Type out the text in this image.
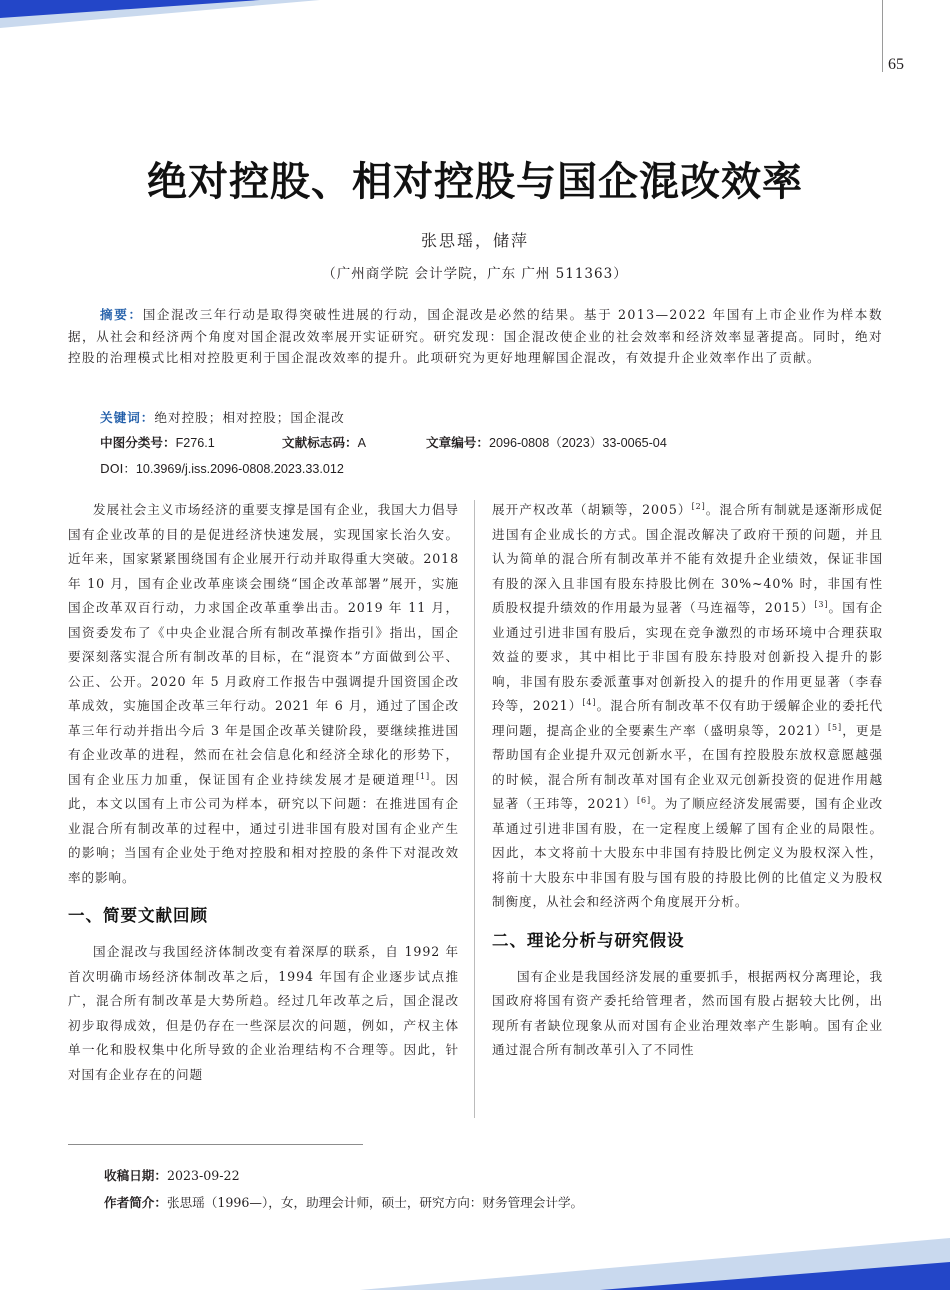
65
绝对控股、相对控股与国企混改效率
张思瑶，储萍
（广州商学院 会计学院，广东 广州 511363）
摘要：国企混改三年行动是取得突破性进展的行动，国企混改是必然的结果。基于 2013—2022 年国有上市企业作为样本数据，从社会和经济两个角度对国企混改效率展开实证研究。研究发现：国企混改使企业的社会效率和经济效率显著提高。同时，绝对控股的治理模式比相对控股更利于国企混改效率的提升。此项研究为更好地理解国企混改，有效提升企业效率作出了贡献。
关键词：绝对控股；相对控股；国企混改
中图分类号：F276.1	文献标志码：A	文章编号：2096-0808（2023）33-0065-04
DOI：10.3969/j.iss.2096-0808.2023.33.012

发展社会主义市场经济的重要支撑是国有企业，我国大力倡导国有企业改革的目的是促进经济快速发展，实现国家长治久安。近年来，国家紧紧围绕国有企业展开行动并取得重大突破。2018 年 10 月，国有企业改革座谈会围绕“国企改革部署”展开，实施国企改革双百行动，力求国企改革重拳出击。2019 年 11 月，国资委发布了《中央企业混合所有制改革操作指引》指出，国企要深刻落实混合所有制改革的目标，在“混资本”方面做到公平、公正、公开。2020 年 5 月政府工作报告中强调提升国资国企改革成效，实施国企改革三年行动。2021 年 6 月，通过了国企改革三年行动并指出今后 3 年是国企改革关键阶段，要继续推进国有企业改革的进程，然而在社会信息化和经济全球化的形势下，国有企业压力加重，保证国有企业持续发展才是硬道理[1]。因此，本文以国有上市公司为样本，研究以下问题：在推进国有企业混合所有制改革的过程中，通过引进非国有股对国有企业产生的影响；当国有企业处于绝对控股和相对控股的条件下对混改效率的影响。

一、简要文献回顾

国企混改与我国经济体制改变有着深厚的联系，自 1992 年首次明确市场经济体制改革之后，1994 年国有企业逐步试点推广，混合所有制改革是大势所趋。经过几年改革之后，国企混改初步取得成效，但是仍存在一些深层次的问题，例如，产权主体单一化和股权集中化所导致的企业治理结构不合理等。因此，针对国有企业存在的问题

展开产权改革（胡颖等，2005）[2]。混合所有制就是逐渐形成促进国有企业成长的方式。国企混改解决了政府干预的问题，并且认为简单的混合所有制改革并不能有效提升企业绩效，保证非国有股的深入且非国有股东持股比例在 30%~40% 时，非国有性质股权提升绩效的作用最为显著（马连福等，2015）[3]。国有企业通过引进非国有股后，实现在竞争激烈的市场环境中合理获取效益的要求，其中相比于非国有股东持股对创新投入提升的影响，非国有股东委派董事对创新投入的提升的作用更显著（李春玲等，2021）[4]。混合所有制改革不仅有助于缓解企业的委托代理问题，提高企业的全要素生产率（盛明泉等，2021）[5]，更是帮助国有企业提升双元创新水平，在国有控股股东放权意愿越强的时候，混合所有制改革对国有企业双元创新投资的促进作用越显著（王玮等，2021）[6]。为了顺应经济发展需要，国有企业改革通过引进非国有股，在一定程度上缓解了国有企业的局限性。因此，本文将前十大股东中非国有持股比例定义为股权深入性，将前十大股东中非国有股与国有股的持股比例的比值定义为股权制衡度，从社会和经济两个角度展开分析。

二、理论分析与研究假设

国有企业是我国经济发展的重要抓手，根据两权分离理论，我国政府将国有资产委托给管理者，然而国有股占据较大比例，出现所有者缺位现象从而对国有企业治理效率产生影响。国有企业通过混合所有制改革引入了不同性

收稿日期：2023-09-22
作者简介：张思瑶（1996—），女，助理会计师，硕士，研究方向：财务管理会计学。
